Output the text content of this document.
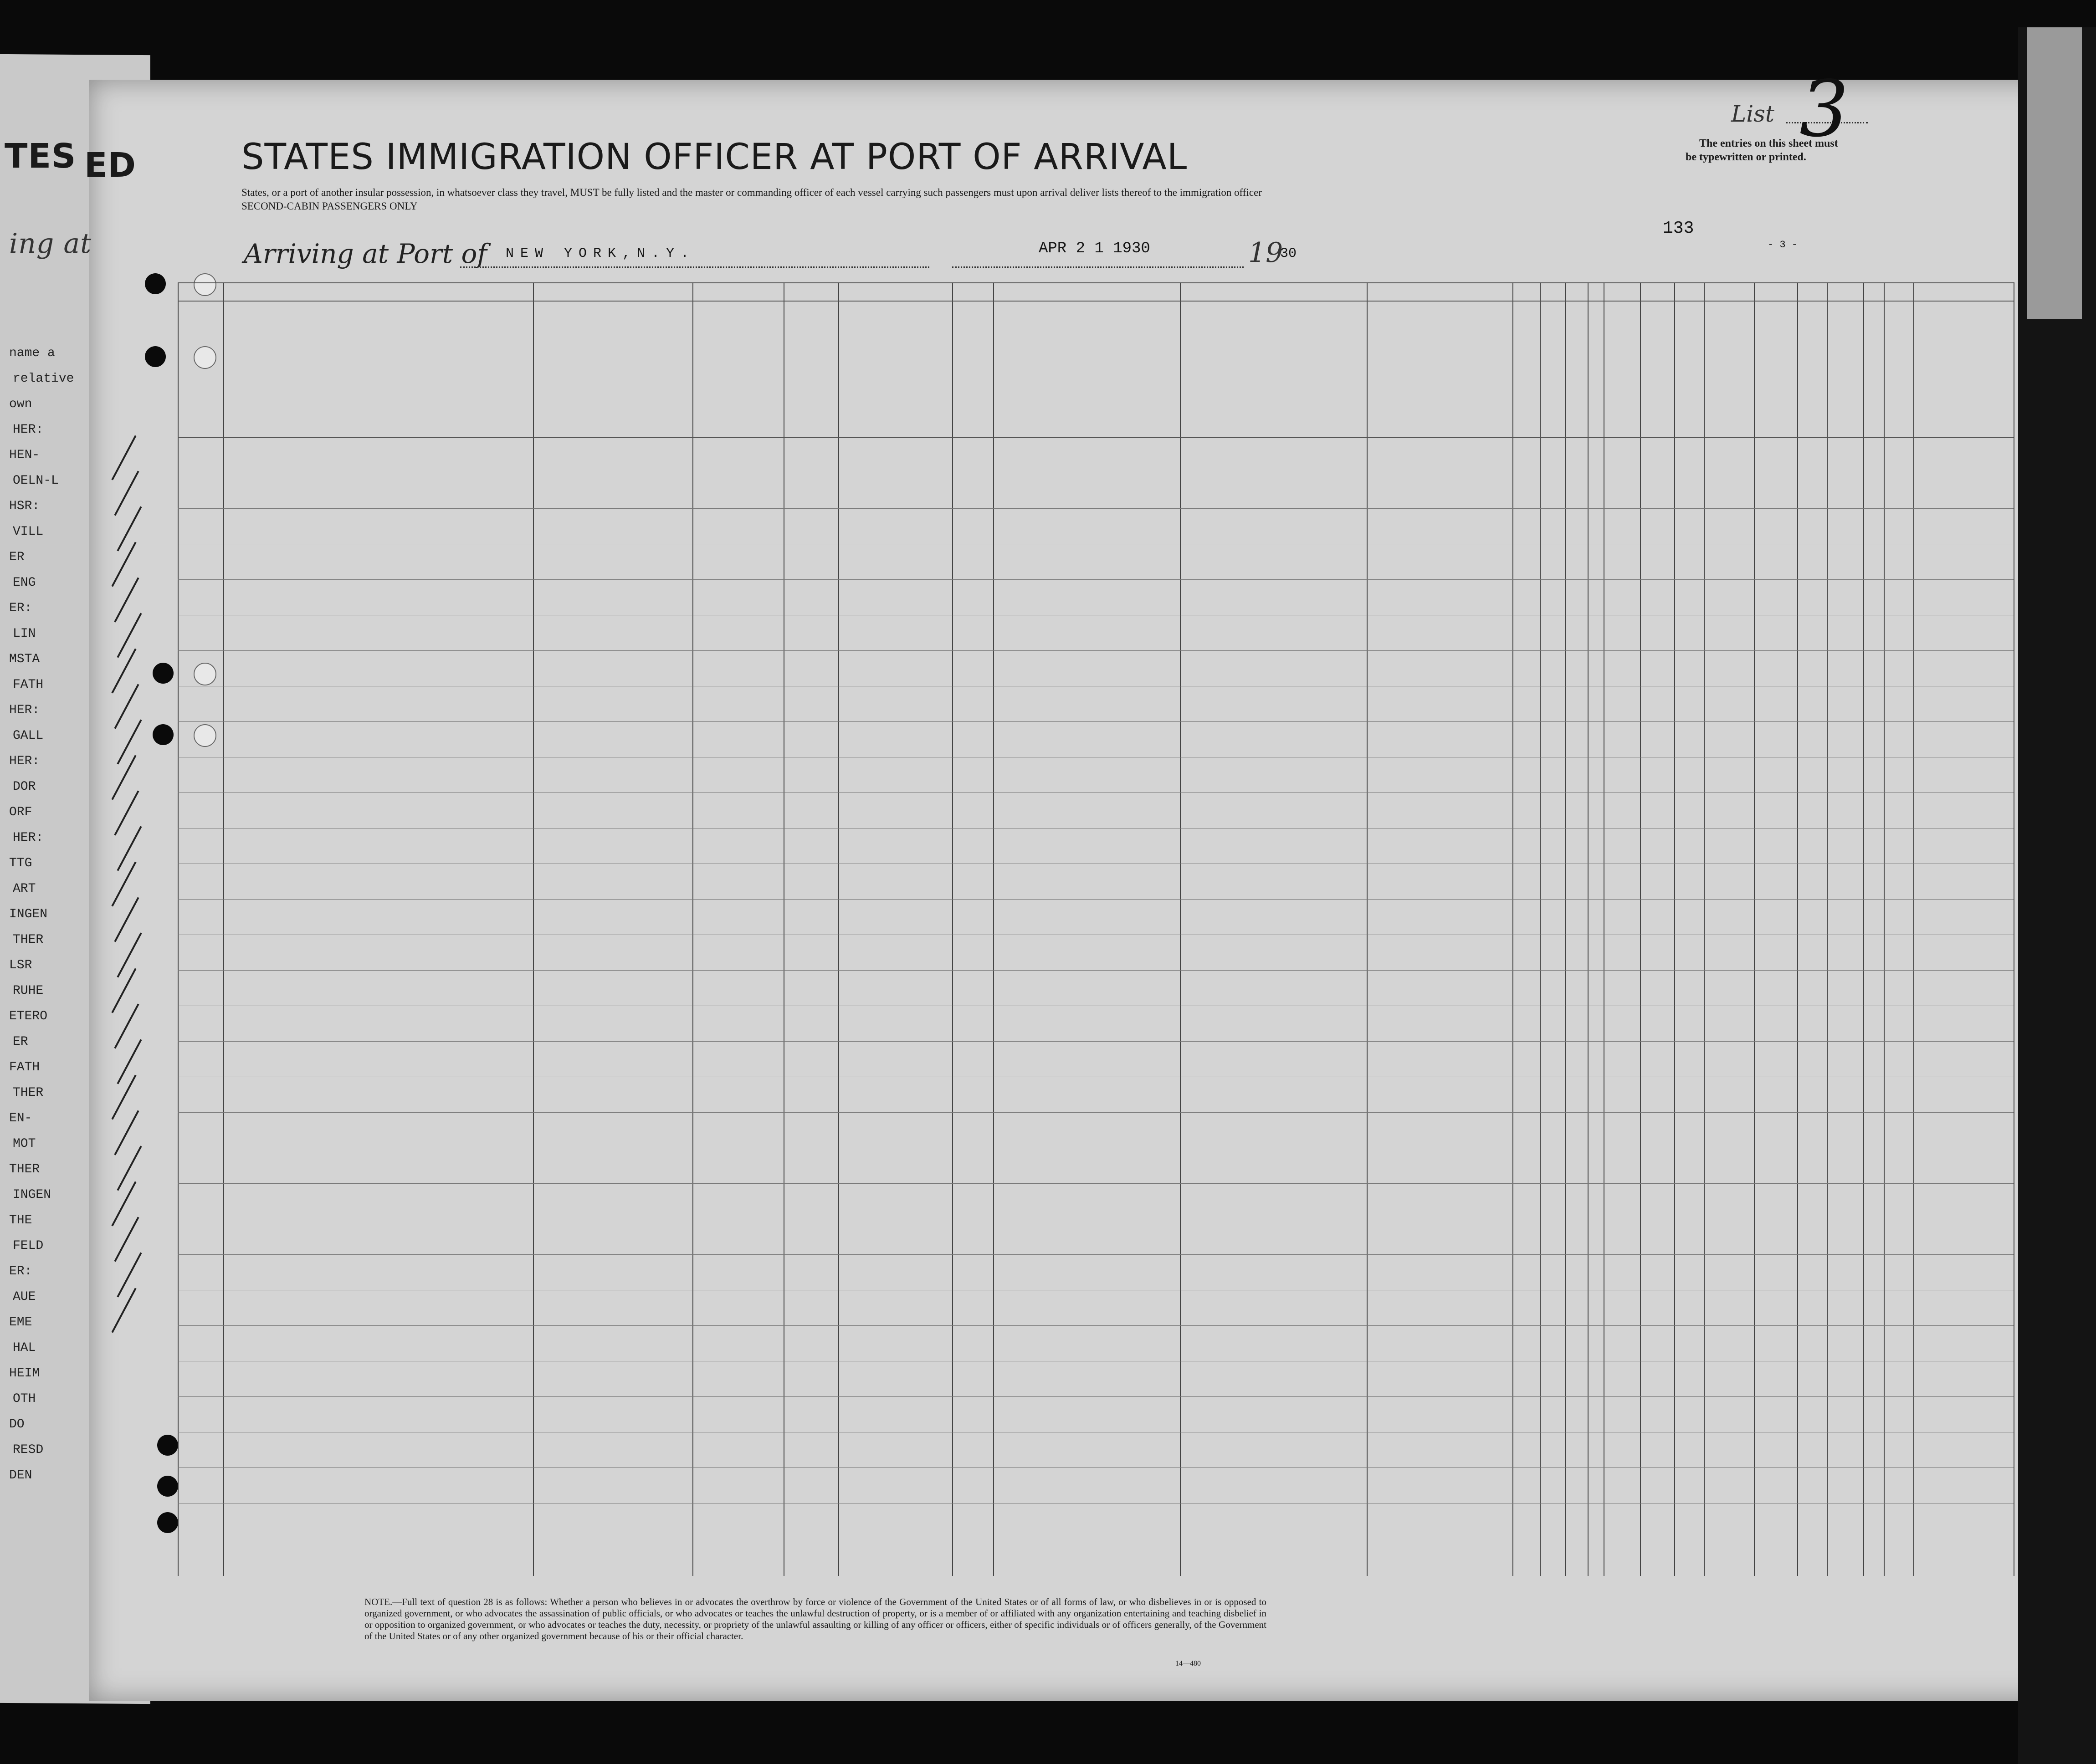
TES ED
ing at
name a
relative
own
HER:
HEN-
OELN-L
HSR:
VILL
ER
ENG
ER:
LIN
MSTA
FATH
HER:
GALL
HER:
DOR
ORF
HER:
TTG
ART
INGEN
THER
LSR
RUHE
ETERO
ER
FATH
THER
EN-
MOT
THER
INGEN
THE
FELD
ER:
AUE
EME
HAL
HEIM
OTH
DO
RESD
DEN
STATES IMMIGRATION OFFICER AT PORT OF ARRIVAL
States, or a port of another insular possession, in whatsoever class they travel, MUST be fully listed and the master or commanding officer of each vessel carrying such passengers must upon arrival deliver lists thereof to the immigration officer
SECOND-CABIN PASSENGERS ONLY
Arriving at Port of NEW YORK,N.Y.	APR 2 1 1930	19
30
List 3
The entries on this sheet must
be typewritten or printed.
133
- 3 -
NOTE.—Full text of question 28 is as follows: Whether a person who believes in or advocates the overthrow by force or violence of the Government of the United States or of all forms of law, or who disbelieves in or is opposed to organized government, or who advocates the assassination of public officials, or who advocates or teaches the unlawful destruction of property, or is a member of or affiliated with any organization entertaining and teaching disbelief in or opposition to organized government, or who advocates or teaches the duty, necessity, or propriety of the unlawful assaulting or killing of any officer or officers, either of specific individuals or of officers generally, of the Government of the United States or of any other organized government because of his or their official character.
14—480
